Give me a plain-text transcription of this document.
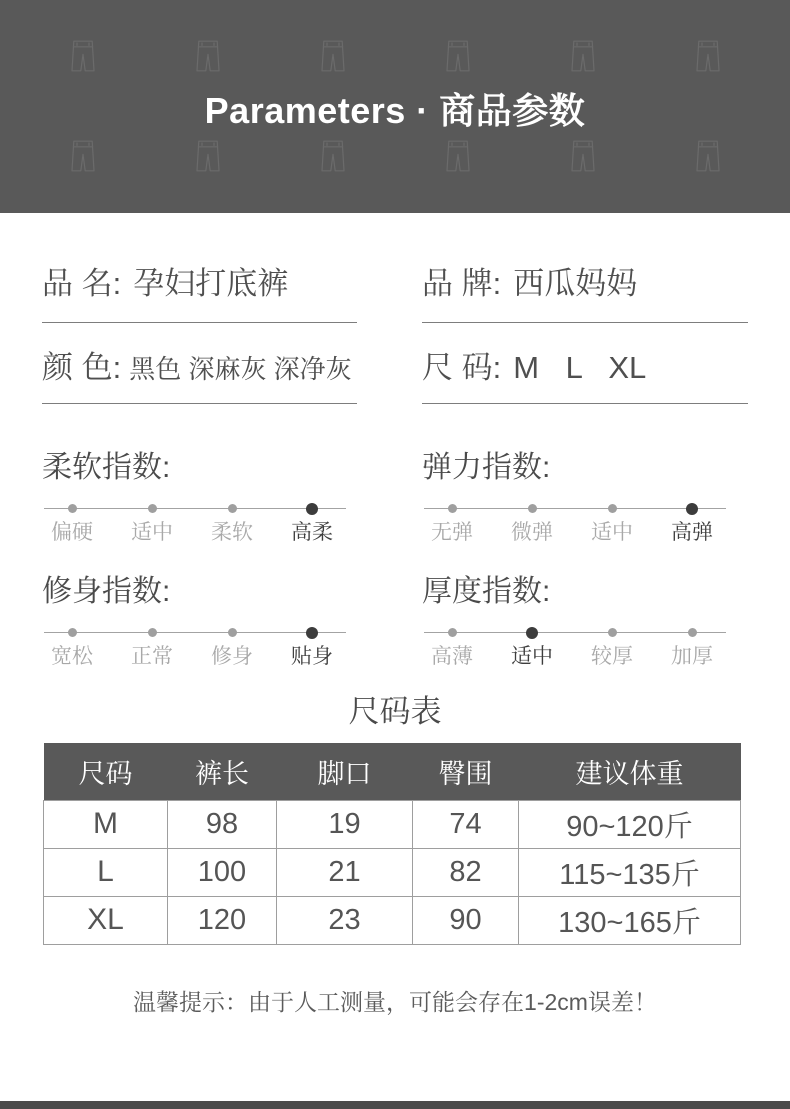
Parameters · 商品参数
品 名: 孕妇打底裤	品 牌: 西瓜妈妈
颜 色: 黑色 深麻灰 深净灰 尺 码: M L XL
柔软指数:
偏硬	适中	柔软	高柔
弹力指数:
无弹	微弹	适中	高弹
修身指数:
宽松	正常	修身	贴身
厚度指数:
高薄	适中	较厚	加厚
尺码表
尺码	裤长	脚口	臀围	建议体重
M	98	19	74	90~120斤
L	100	21	82	115~135斤
XL	120	23	90	130~165斤
温馨提示：由于人工测量，可能会存在1-2cm误差！
